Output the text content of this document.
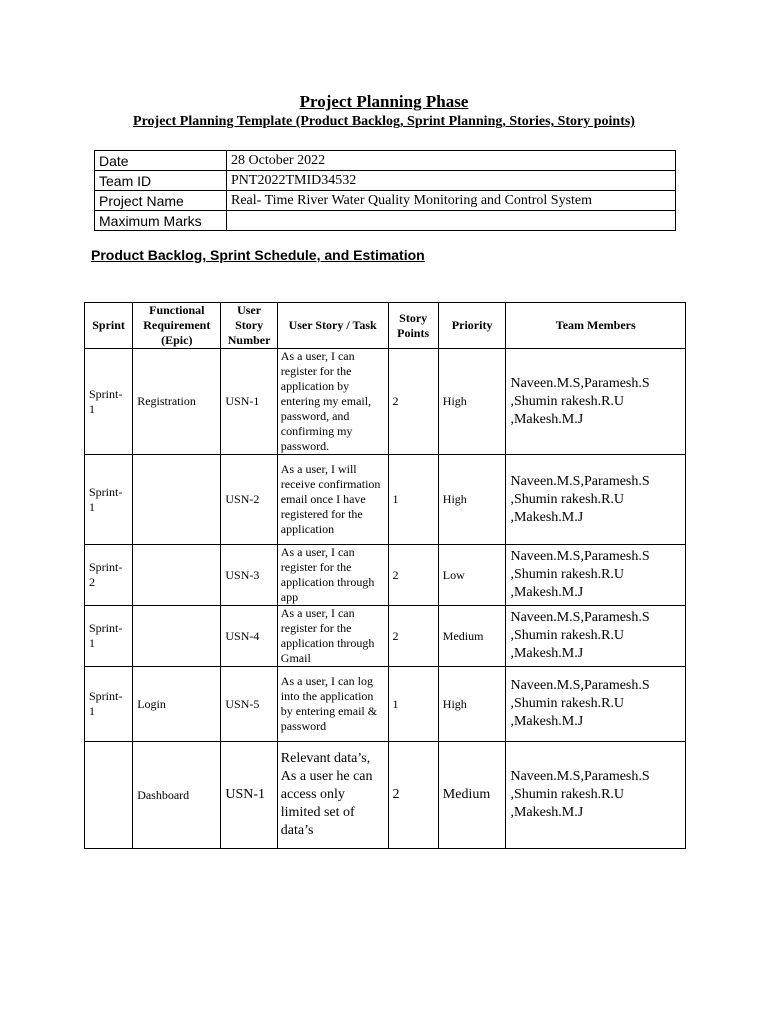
Project Planning Phase
Project Planning Template (Product Backlog, Sprint Planning, Stories, Story points)
Date	28 October 2022
Team ID	PNT2022TMID34532
Project Name	Real- Time River Water Quality Monitoring and Control System
Maximum Marks	
Product Backlog, Sprint Schedule, and Estimation
Sprint	Functional Requirement (Epic)	User Story Number	User Story / Task	Story Points	Priority	Team Members
Sprint-1	Registration	USN-1	As a user, I can register for the application by entering my email, password, and confirming my password.	2	High	Naveen.M.S,Paramesh.S
,Shumin rakesh.R.U
,Makesh.M.J

Sprint-1		USN-2	As a user, I will receive confirmation email once I have registered for the application	1	High	Naveen.M.S,Paramesh.S
,Shumin rakesh.R.U
,Makesh.M.J

Sprint-2		USN-3	As a user, I can register for the application through app	2	Low	Naveen.M.S,Paramesh.S
,Shumin rakesh.R.U
,Makesh.M.J

Sprint-1		USN-4	As a user, I can register for the application through Gmail	2	Medium	Naveen.M.S,Paramesh.S
,Shumin rakesh.R.U
,Makesh.M.J

Sprint-1	Login	USN-5	As a user, I can log into the application by entering email & password	1	High	Naveen.M.S,Paramesh.S
,Shumin rakesh.R.U
,Makesh.M.J

	Dashboard	USN-1	Relevant data’s, As a user he can access only limited set of data’s	2	Medium	Naveen.M.S,Paramesh.S
,Shumin rakesh.R.U
,Makesh.M.J
